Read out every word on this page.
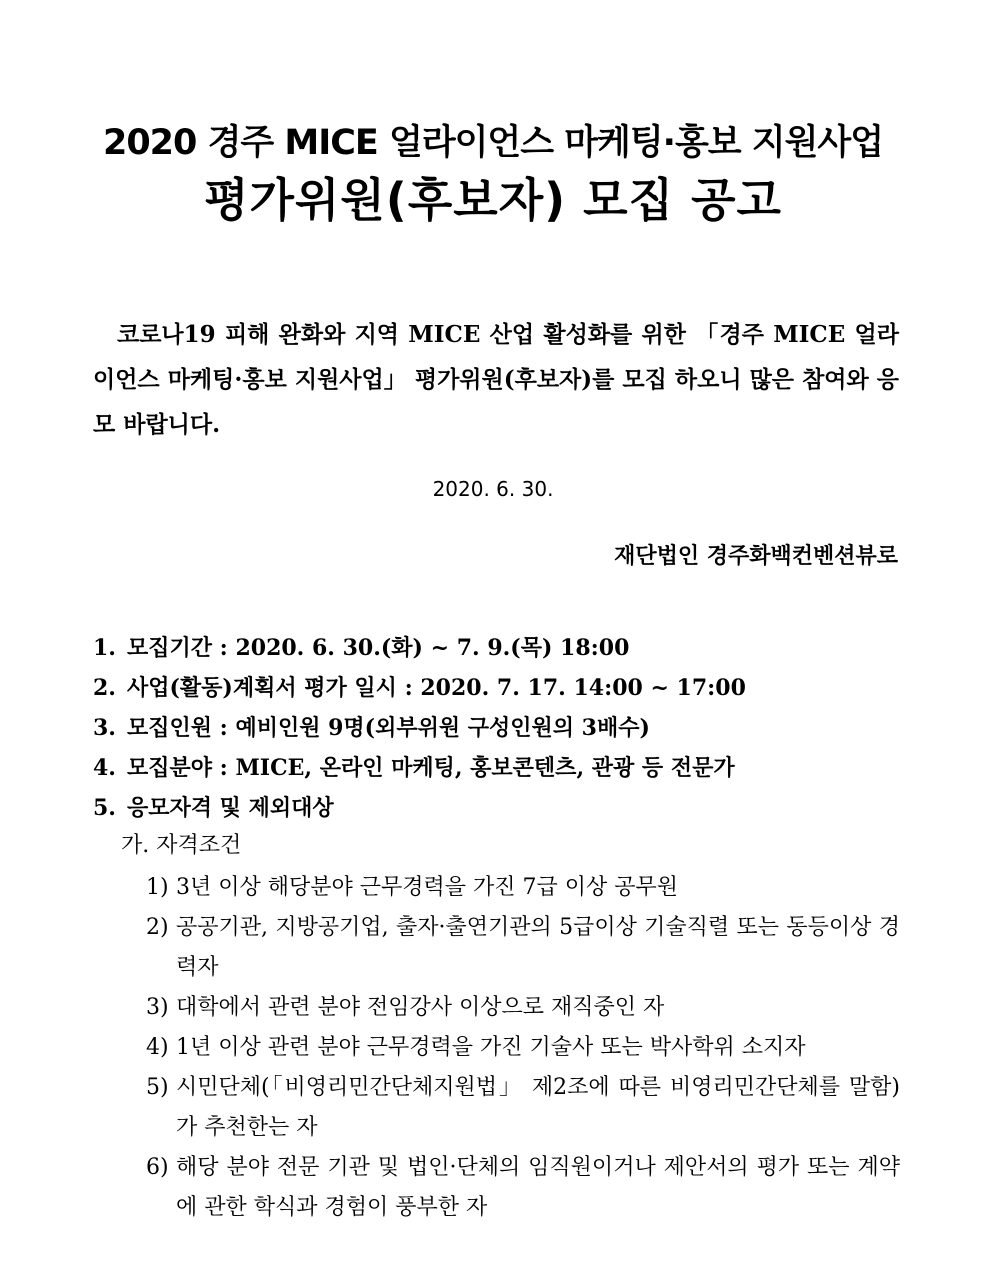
2020 경주 MICE 얼라이언스 마케팅·홍보 지원사업
평가위원(후보자) 모집 공고
코로나19 피해 완화와 지역 MICE 산업 활성화를 위한 「경주 MICE 얼라이언스 마케팅·홍보 지원사업」 평가위원(후보자)를 모집 하오니 많은 참여와 응모 바랍니다.
2020. 6. 30.
재단법인 경주화백컨벤션뷰로
1. 모집기간 : 2020. 6. 30.(화) ~ 7. 9.(목) 18:00
2. 사업(활동)계획서 평가 일시 : 2020. 7. 17. 14:00 ~ 17:00
3. 모집인원 : 예비인원 9명(외부위원 구성인원의 3배수)
4. 모집분야 : MICE, 온라인 마케팅, 홍보콘텐츠, 관광 등 전문가
5. 응모자격 및 제외대상
가. 자격조건
1) 3년 이상 해당분야 근무경력을 가진 7급 이상 공무원
2) 공공기관, 지방공기업, 출자·출연기관의 5급이상 기술직렬 또는 동등이상 경력자
3) 대학에서 관련 분야 전임강사 이상으로 재직중인 자
4) 1년 이상 관련 분야 근무경력을 가진 기술사 또는 박사학위 소지자
5) 시민단체(「비영리민간단체지원법」 제2조에 따른 비영리민간단체를 말함)가 추천한는 자
6) 해당 분야 전문 기관 및 법인·단체의 임직원이거나 제안서의 평가 또는 계약에 관한 학식과 경험이 풍부한 자
